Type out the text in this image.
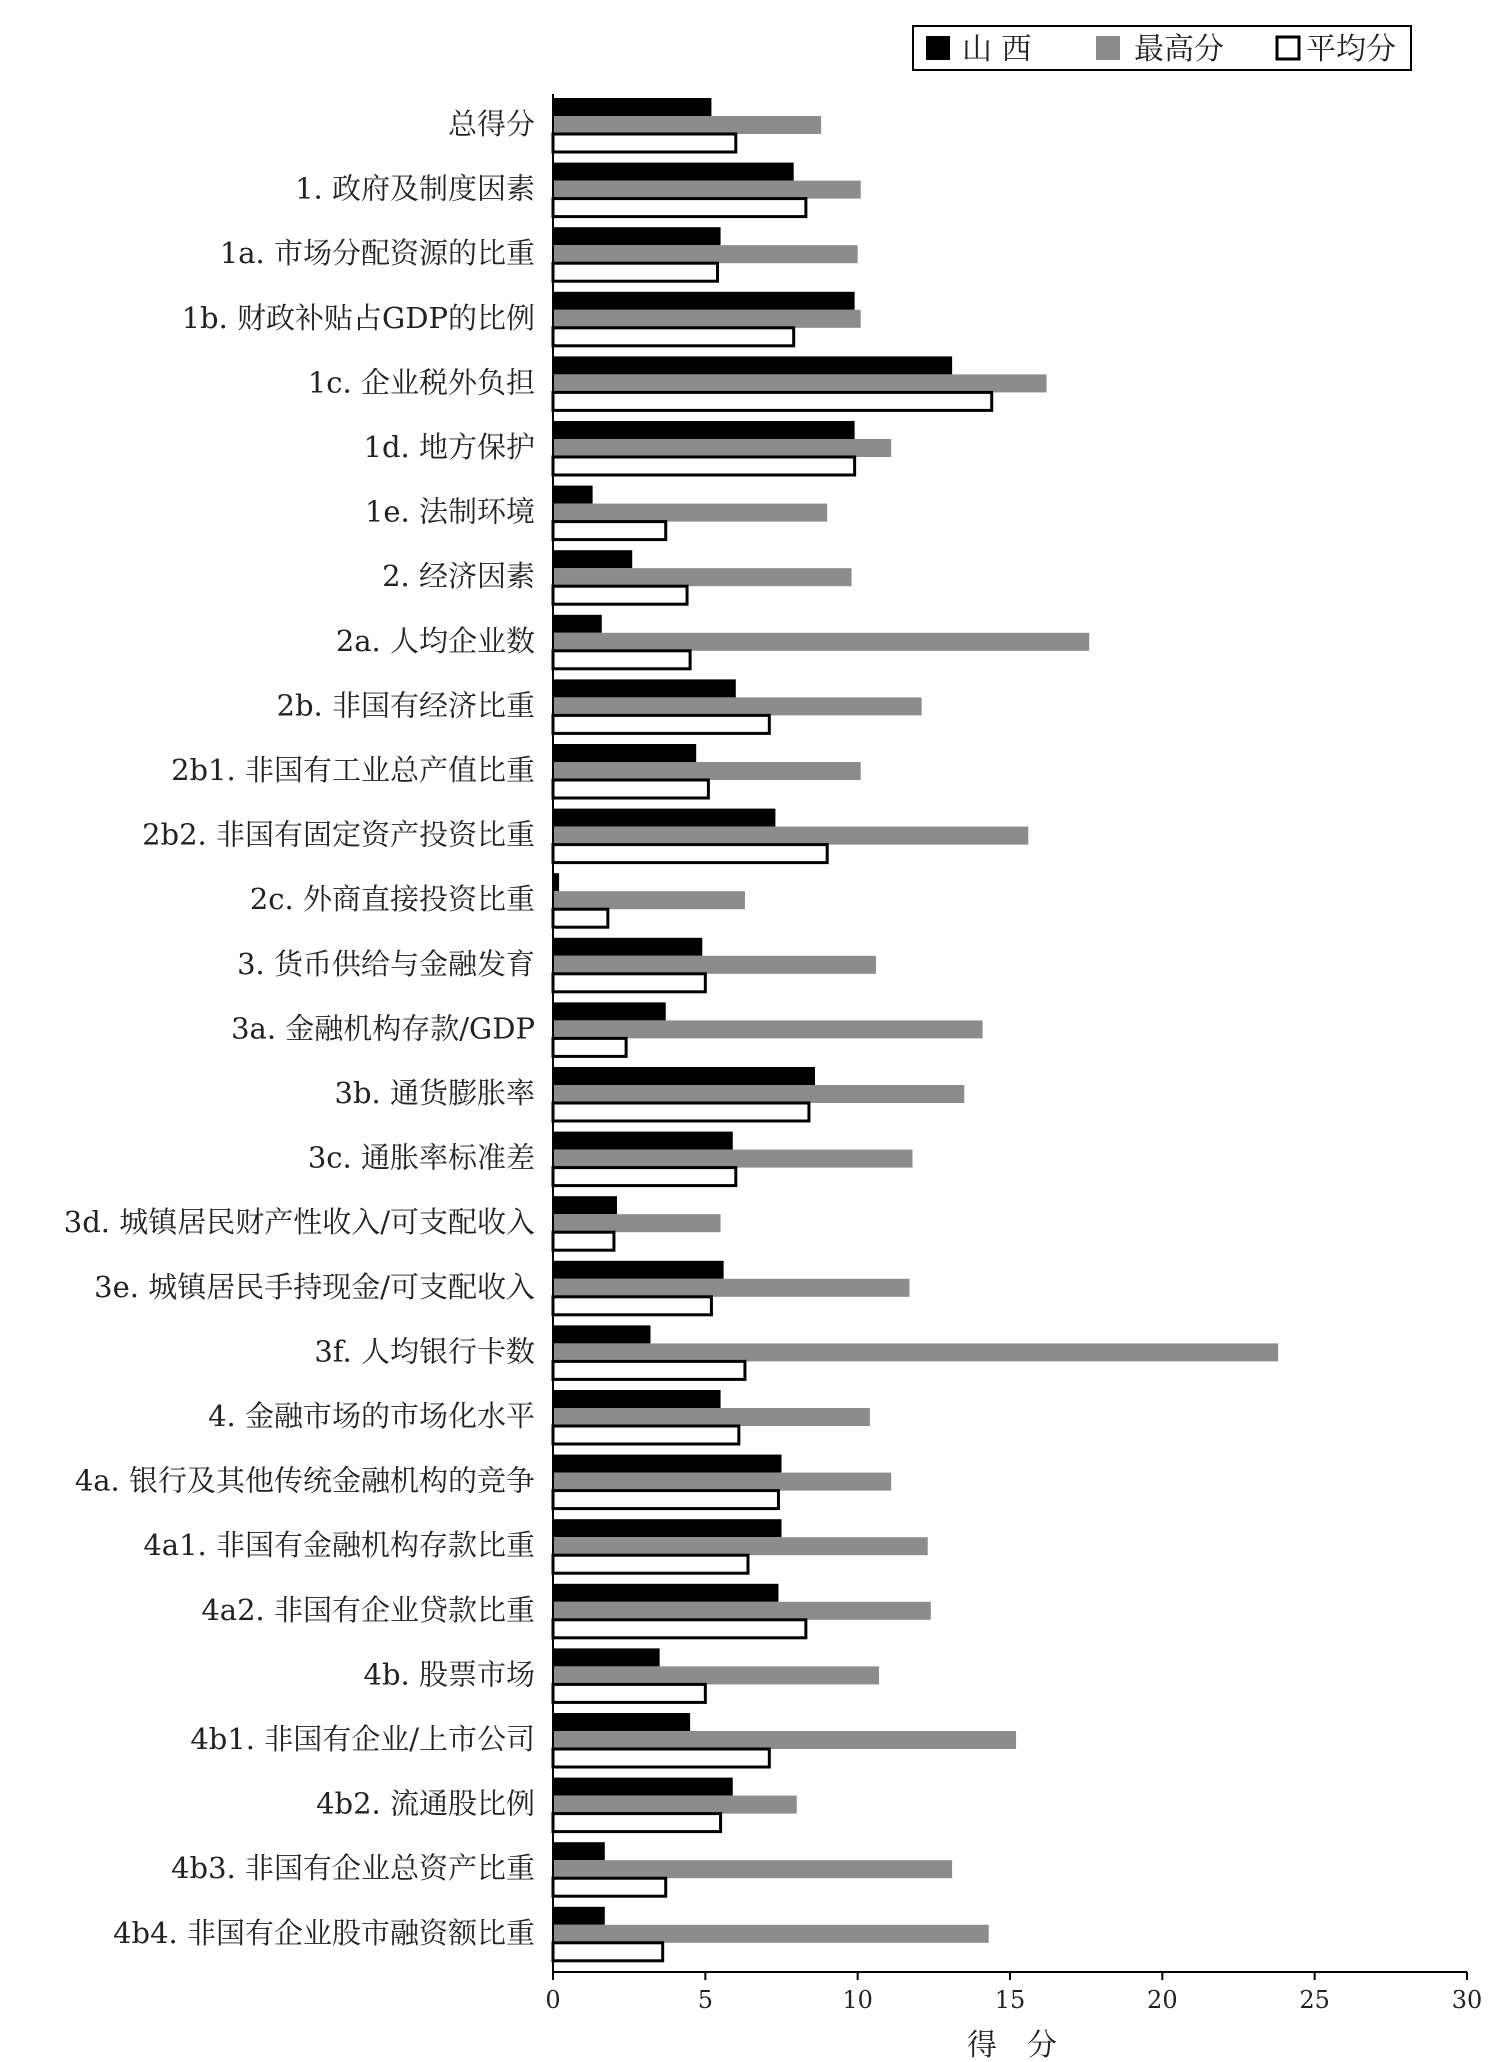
山 西	最高分	平均分
总得分
1. 政府及制度因素
1a. 市场分配资源的比重
1b. 财政补贴占GDP的比例
1c. 企业税外负担
1d. 地方保护
1e. 法制环境
2. 经济因素
2a. 人均企业数
2b. 非国有经济比重
2b1. 非国有工业总产值比重
2b2. 非国有固定资产投资比重
2c. 外商直接投资比重
3. 货币供给与金融发育
3a. 金融机构存款/GDP
3b. 通货膨胀率
3c. 通胀率标准差
3d. 城镇居民财产性收入/可支配收入
3e. 城镇居民手持现金/可支配收入
3f. 人均银行卡数
4. 金融市场的市场化水平
4a. 银行及其他传统金融机构的竞争
4a1. 非国有金融机构存款比重
4a2. 非国有企业贷款比重
4b. 股票市场
4b1. 非国有企业/上市公司
4b2. 流通股比例
4b3. 非国有企业总资产比重
4b4. 非国有企业股市融资额比重
0	5	10	15	20	25	30
得　分
